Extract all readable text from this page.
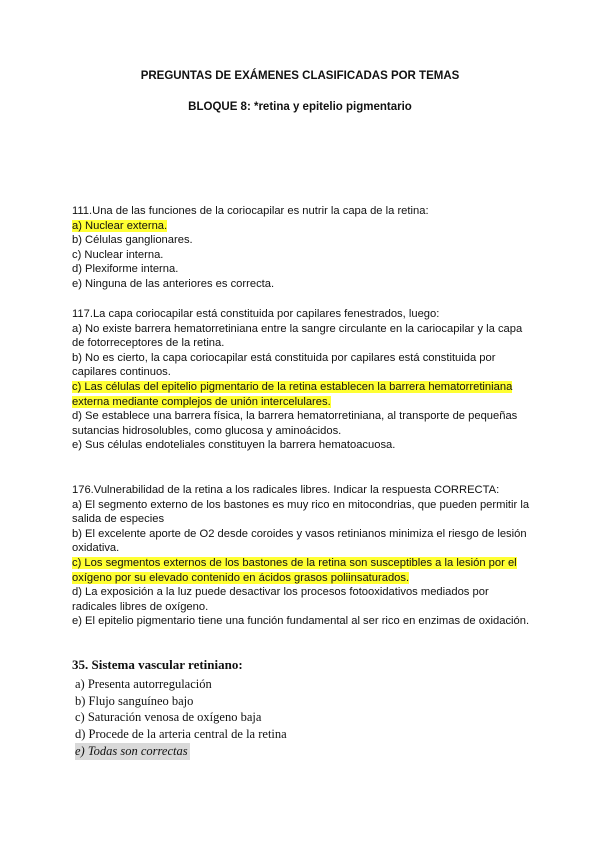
PREGUNTAS DE EXÁMENES CLASIFICADAS POR TEMAS
BLOQUE 8: *retina y epitelio pigmentario
111.Una de las funciones de la coriocapilar es nutrir la capa de la retina:
a) Nuclear externa.
b) Células ganglionares.
c) Nuclear interna.
d) Plexiforme interna.
e) Ninguna de las anteriores es correcta.
117.La capa coriocapilar está constituida por capilares fenestrados, luego:
a) No existe barrera hematorretiniana entre la sangre circulante en la cariocapilar y la capa de fotorreceptores de la retina.
b) No es cierto, la capa coriocapilar está constituida por capilares está constituida por capilares continuos.
c) Las células del epitelio pigmentario de la retina establecen la barrera hematorretiniana externa mediante complejos de unión intercelulares.
d) Se establece una barrera física, la barrera hematorretiniana, al transporte de pequeñas sutancias hidrosolubles, como glucosa y aminoácidos.
e) Sus células endoteliales constituyen la barrera hematoacuosa.
176.Vulnerabilidad de la retina a los radicales libres. Indicar la respuesta CORRECTA:
a) El segmento externo de los bastones es muy rico en mitocondrias, que pueden permitir la salida de especies
b) El excelente aporte de O2 desde coroides y vasos retinianos minimiza el riesgo de lesión oxidativa.
c) Los segmentos externos de los bastones de la retina son susceptibles a la lesión por el oxígeno por su elevado contenido en ácidos grasos poliinsaturados.
d) La exposición a la luz puede desactivar los procesos fotooxidativos mediados por radicales libres de oxígeno.
e) El epitelio pigmentario tiene una función fundamental al ser rico en enzimas de oxidación.
35. Sistema vascular retiniano:
a) Presenta autorregulación
b) Flujo sanguíneo bajo
c) Saturación venosa de oxígeno baja
d) Procede de la arteria central de la retina
e) Todas son correctas
